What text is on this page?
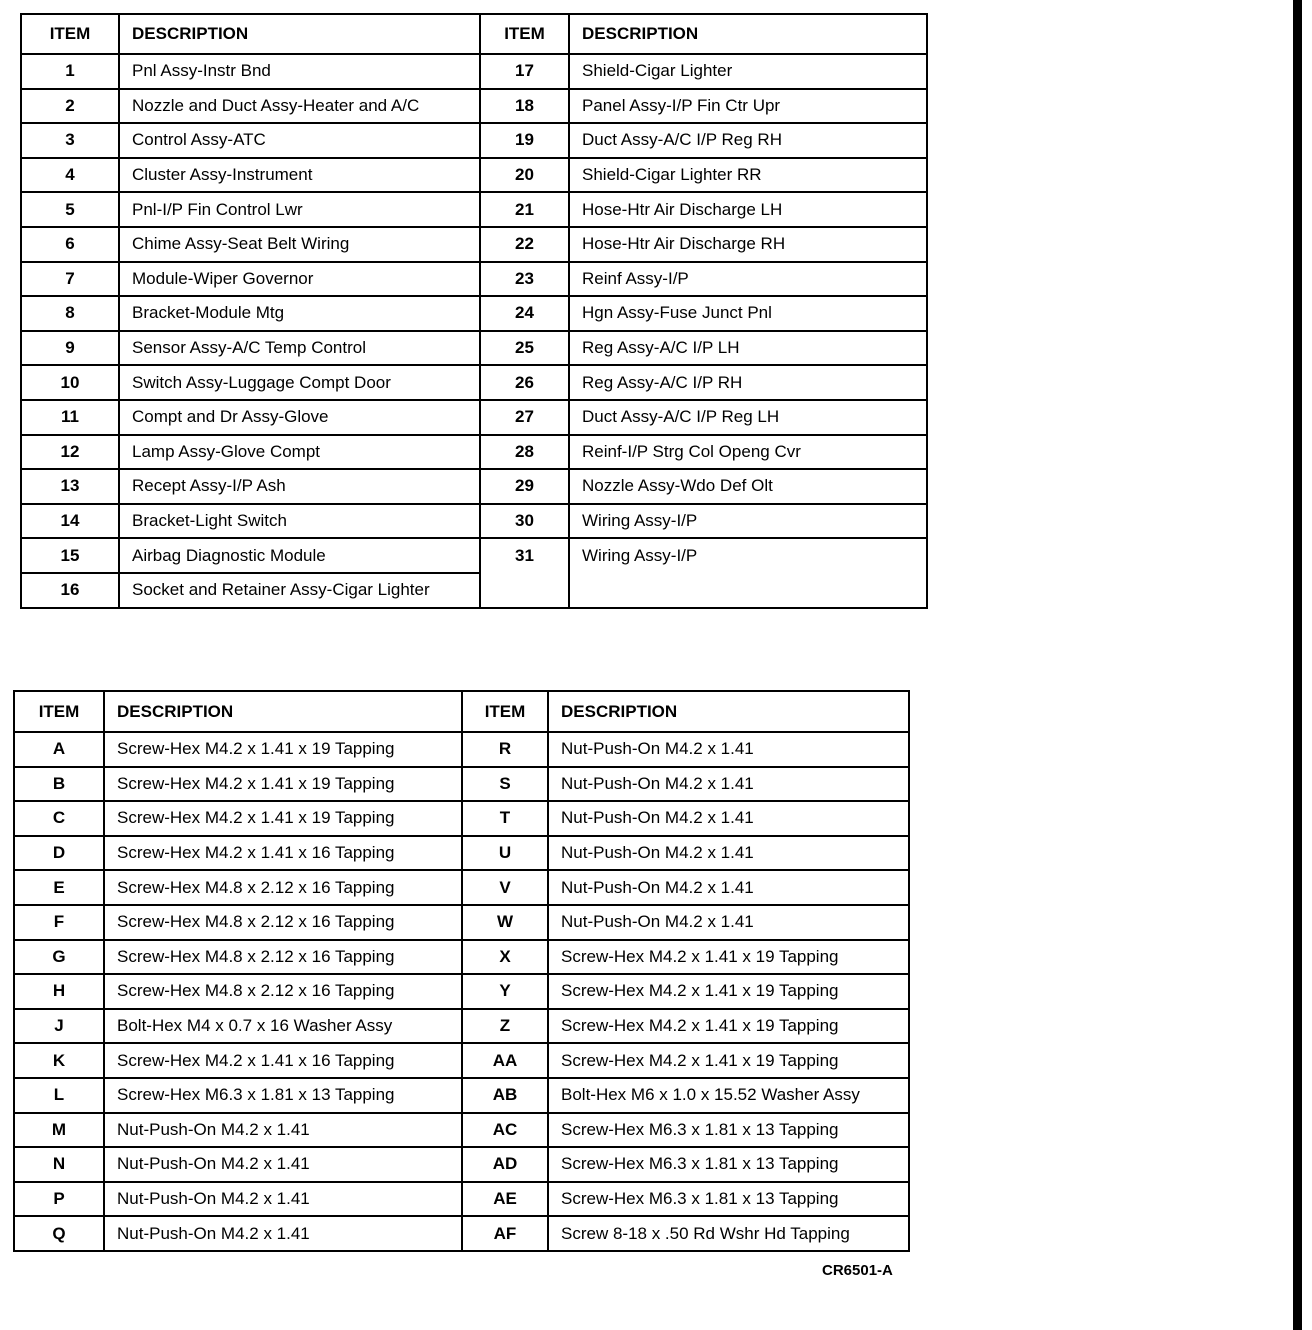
ITEM	DESCRIPTION	ITEM	DESCRIPTION
1	Pnl Assy-Instr Bnd	17	Shield-Cigar Lighter
2	Nozzle and Duct Assy-Heater and A/C	18	Panel Assy-I/P Fin Ctr Upr
3	Control Assy-ATC	19	Duct Assy-A/C I/P Reg RH
4	Cluster Assy-Instrument	20	Shield-Cigar Lighter RR
5	Pnl-I/P Fin Control Lwr	21	Hose-Htr Air Discharge LH
6	Chime Assy-Seat Belt Wiring	22	Hose-Htr Air Discharge RH
7	Module-Wiper Governor	23	Reinf Assy-I/P
8	Bracket-Module Mtg	24	Hgn Assy-Fuse Junct Pnl
9	Sensor Assy-A/C Temp Control	25	Reg Assy-A/C I/P LH
10	Switch Assy-Luggage Compt Door	26	Reg Assy-A/C I/P RH
11	Compt and Dr Assy-Glove	27	Duct Assy-A/C I/P Reg LH
12	Lamp Assy-Glove Compt	28	Reinf-I/P Strg Col Openg Cvr
13	Recept Assy-I/P Ash	29	Nozzle Assy-Wdo Def Olt
14	Bracket-Light Switch	30	Wiring Assy-I/P
15	Airbag Diagnostic Module	31	Wiring Assy-I/P
16	Socket and Retainer Assy-Cigar Lighter		
ITEM	DESCRIPTION	ITEM	DESCRIPTION
A	Screw-Hex M4.2 x 1.41 x 19 Tapping	R	Nut-Push-On M4.2 x 1.41
B	Screw-Hex M4.2 x 1.41 x 19 Tapping	S	Nut-Push-On M4.2 x 1.41
C	Screw-Hex M4.2 x 1.41 x 19 Tapping	T	Nut-Push-On M4.2 x 1.41
D	Screw-Hex M4.2 x 1.41 x 16 Tapping	U	Nut-Push-On M4.2 x 1.41
E	Screw-Hex M4.8 x 2.12 x 16 Tapping	V	Nut-Push-On M4.2 x 1.41
F	Screw-Hex M4.8 x 2.12 x 16 Tapping	W	Nut-Push-On M4.2 x 1.41
G	Screw-Hex M4.8 x 2.12 x 16 Tapping	X	Screw-Hex M4.2 x 1.41 x 19 Tapping
H	Screw-Hex M4.8 x 2.12 x 16 Tapping	Y	Screw-Hex M4.2 x 1.41 x 19 Tapping
J	Bolt-Hex M4 x 0.7 x 16 Washer Assy	Z	Screw-Hex M4.2 x 1.41 x 19 Tapping
K	Screw-Hex M4.2 x 1.41 x 16 Tapping	AA	Screw-Hex M4.2 x 1.41 x 19 Tapping
L	Screw-Hex M6.3 x 1.81 x 13 Tapping	AB	Bolt-Hex M6 x 1.0 x 15.52 Washer Assy
M	Nut-Push-On M4.2 x 1.41	AC	Screw-Hex M6.3 x 1.81 x 13 Tapping
N	Nut-Push-On M4.2 x 1.41	AD	Screw-Hex M6.3 x 1.81 x 13 Tapping
P	Nut-Push-On M4.2 x 1.41	AE	Screw-Hex M6.3 x 1.81 x 13 Tapping
Q	Nut-Push-On M4.2 x 1.41	AF	Screw 8-18 x .50 Rd Wshr Hd Tapping
CR6501-A
